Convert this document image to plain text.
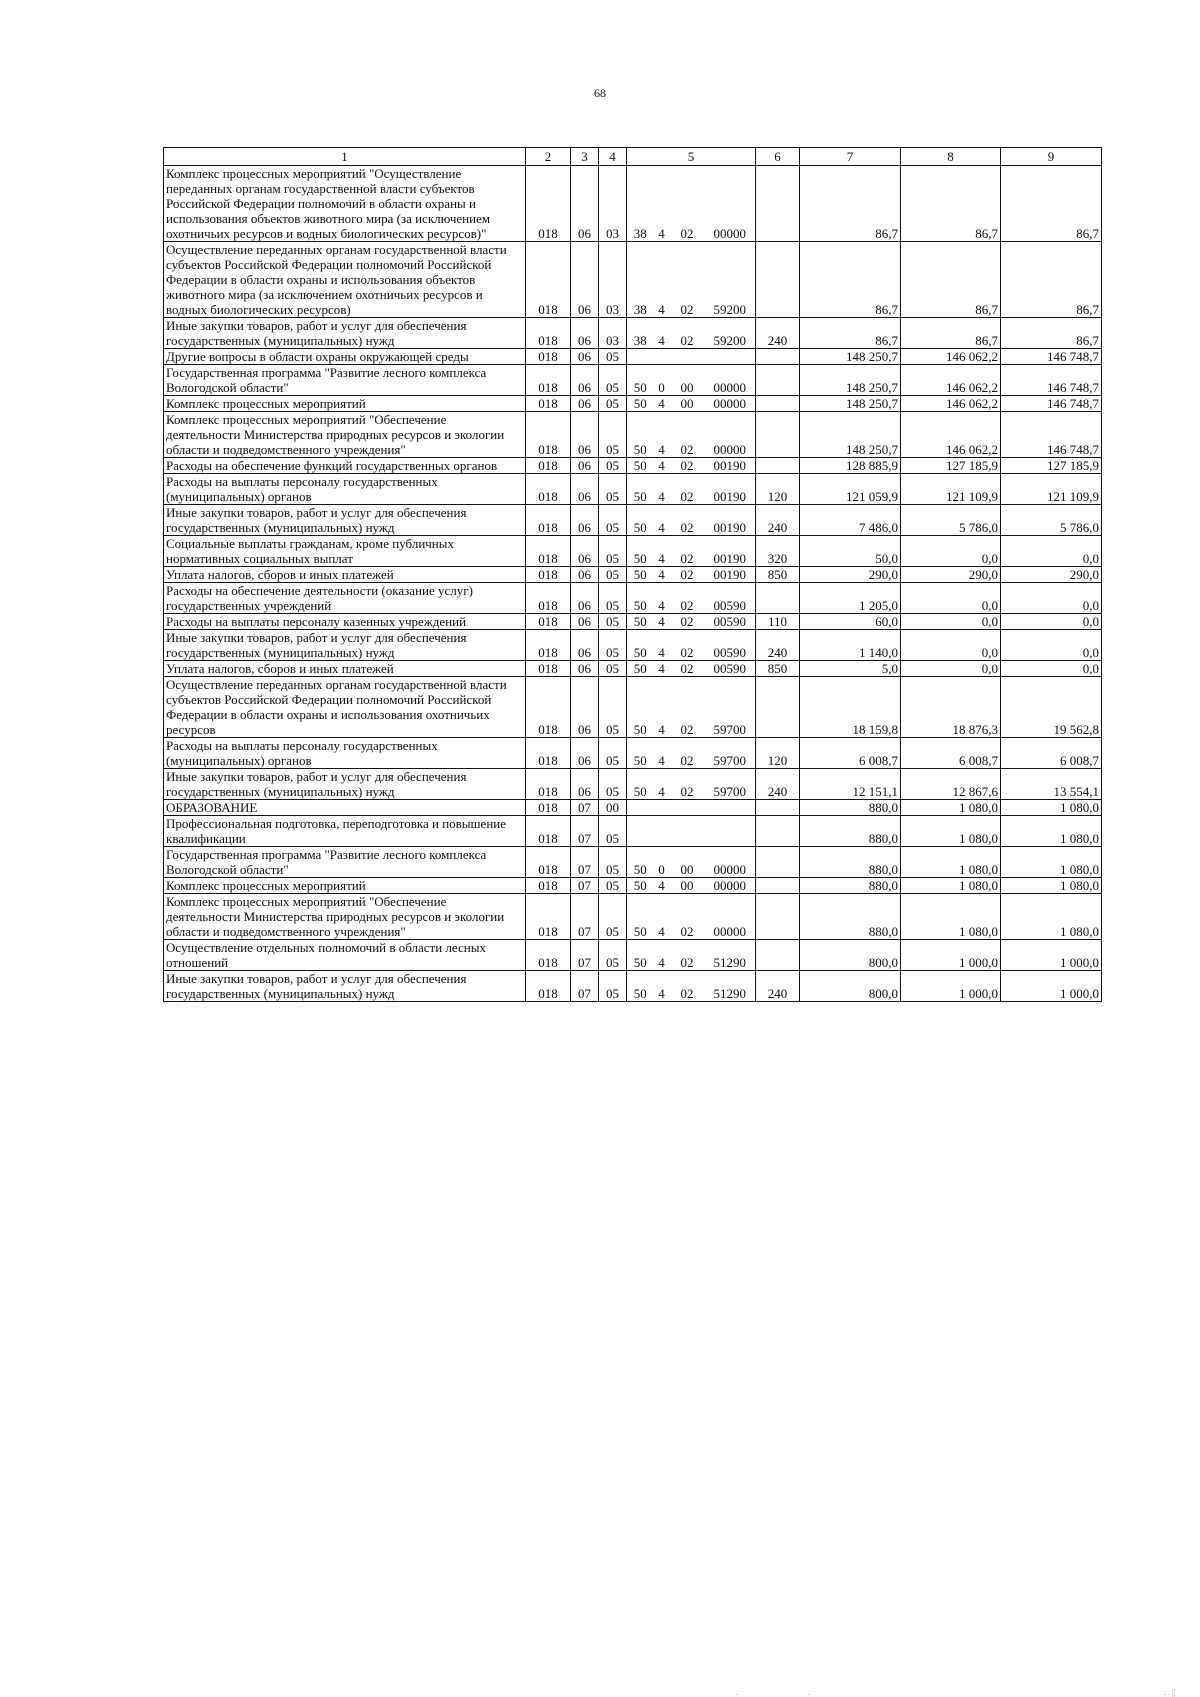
68
1	2	3	4	5				6	7	8	9
Комплекс процессных мероприятий "Осуществление переданных органам государственной власти субъектов Российской Федерации полномочий в области охраны и использования объектов животного мира (за исключением охотничьих ресурсов и водных биологических ресурсов)"	018	06	03	38	4	02	00000		86,7	86,7	86,7
Осуществление переданных органам государственной власти субъектов Российской Федерации полномочий Российской Федерации в области охраны и использования объектов животного мира (за исключением охотничьих ресурсов и водных биологических ресурсов)	018	06	03	38	4	02	59200		86,7	86,7	86,7
Иные закупки товаров, работ и услуг для обеспечения государственных (муниципальных) нужд	018	06	03	38	4	02	59200	240	86,7	86,7	86,7
Другие вопросы в области охраны окружающей среды	018	06	05						148 250,7	146 062,2	146 748,7
Государственная программа "Развитие лесного комплекса Вологодской области"	018	06	05	50	0	00	00000		148 250,7	146 062,2	146 748,7
Комплекс процессных мероприятий	018	06	05	50	4	00	00000		148 250,7	146 062,2	146 748,7
Комплекс процессных мероприятий "Обеспечение деятельности Министерства природных ресурсов и экологии области и подведомственного учреждения"	018	06	05	50	4	02	00000		148 250,7	146 062,2	146 748,7
Расходы на обеспечение функций государственных органов	018	06	05	50	4	02	00190		128 885,9	127 185,9	127 185,9
Расходы на выплаты персоналу государственных (муниципальных) органов	018	06	05	50	4	02	00190	120	121 059,9	121 109,9	121 109,9
Иные закупки товаров, работ и услуг для обеспечения государственных (муниципальных) нужд	018	06	05	50	4	02	00190	240	7 486,0	5 786,0	5 786,0
Социальные выплаты гражданам, кроме публичных нормативных социальных выплат	018	06	05	50	4	02	00190	320	50,0	0,0	0,0
Уплата налогов, сборов и иных платежей	018	06	05	50	4	02	00190	850	290,0	290,0	290,0
Расходы на обеспечение деятельности (оказание услуг) государственных учреждений	018	06	05	50	4	02	00590		1 205,0	0,0	0,0
Расходы на выплаты персоналу казенных учреждений	018	06	05	50	4	02	00590	110	60,0	0,0	0,0
Иные закупки товаров, работ и услуг для обеспечения государственных (муниципальных) нужд	018	06	05	50	4	02	00590	240	1 140,0	0,0	0,0
Уплата налогов, сборов и иных платежей	018	06	05	50	4	02	00590	850	5,0	0,0	0,0
Осуществление переданных органам государственной власти субъектов Российской Федерации полномочий Российской Федерации в области охраны и использования охотничьих ресурсов	018	06	05	50	4	02	59700		18 159,8	18 876,3	19 562,8
Расходы на выплаты персоналу государственных (муниципальных) органов	018	06	05	50	4	02	59700	120	6 008,7	6 008,7	6 008,7
Иные закупки товаров, работ и услуг для обеспечения государственных (муниципальных) нужд	018	06	05	50	4	02	59700	240	12 151,1	12 867,6	13 554,1
ОБРАЗОВАНИЕ	018	07	00						880,0	1 080,0	1 080,0
Профессиональная подготовка, переподготовка и повышение квалификации	018	07	05						880,0	1 080,0	1 080,0
Государственная программа "Развитие лесного комплекса Вологодской области"	018	07	05	50	0	00	00000		880,0	1 080,0	1 080,0
Комплекс процессных мероприятий	018	07	05	50	4	00	00000		880,0	1 080,0	1 080,0
Комплекс процессных мероприятий "Обеспечение деятельности Министерства природных ресурсов и экологии области и подведомственного учреждения"	018	07	05	50	4	02	00000		880,0	1 080,0	1 080,0
Осуществление отдельных полномочий в области лесных отношений	018	07	05	50	4	02	51290		800,0	1 000,0	1 000,0
Иные закупки товаров, работ и услуг для обеспечения государственных (муниципальных) нужд	018	07	05	50	4	02	51290	240	800,0	1 000,0	1 000,0
.	.	. . ||
